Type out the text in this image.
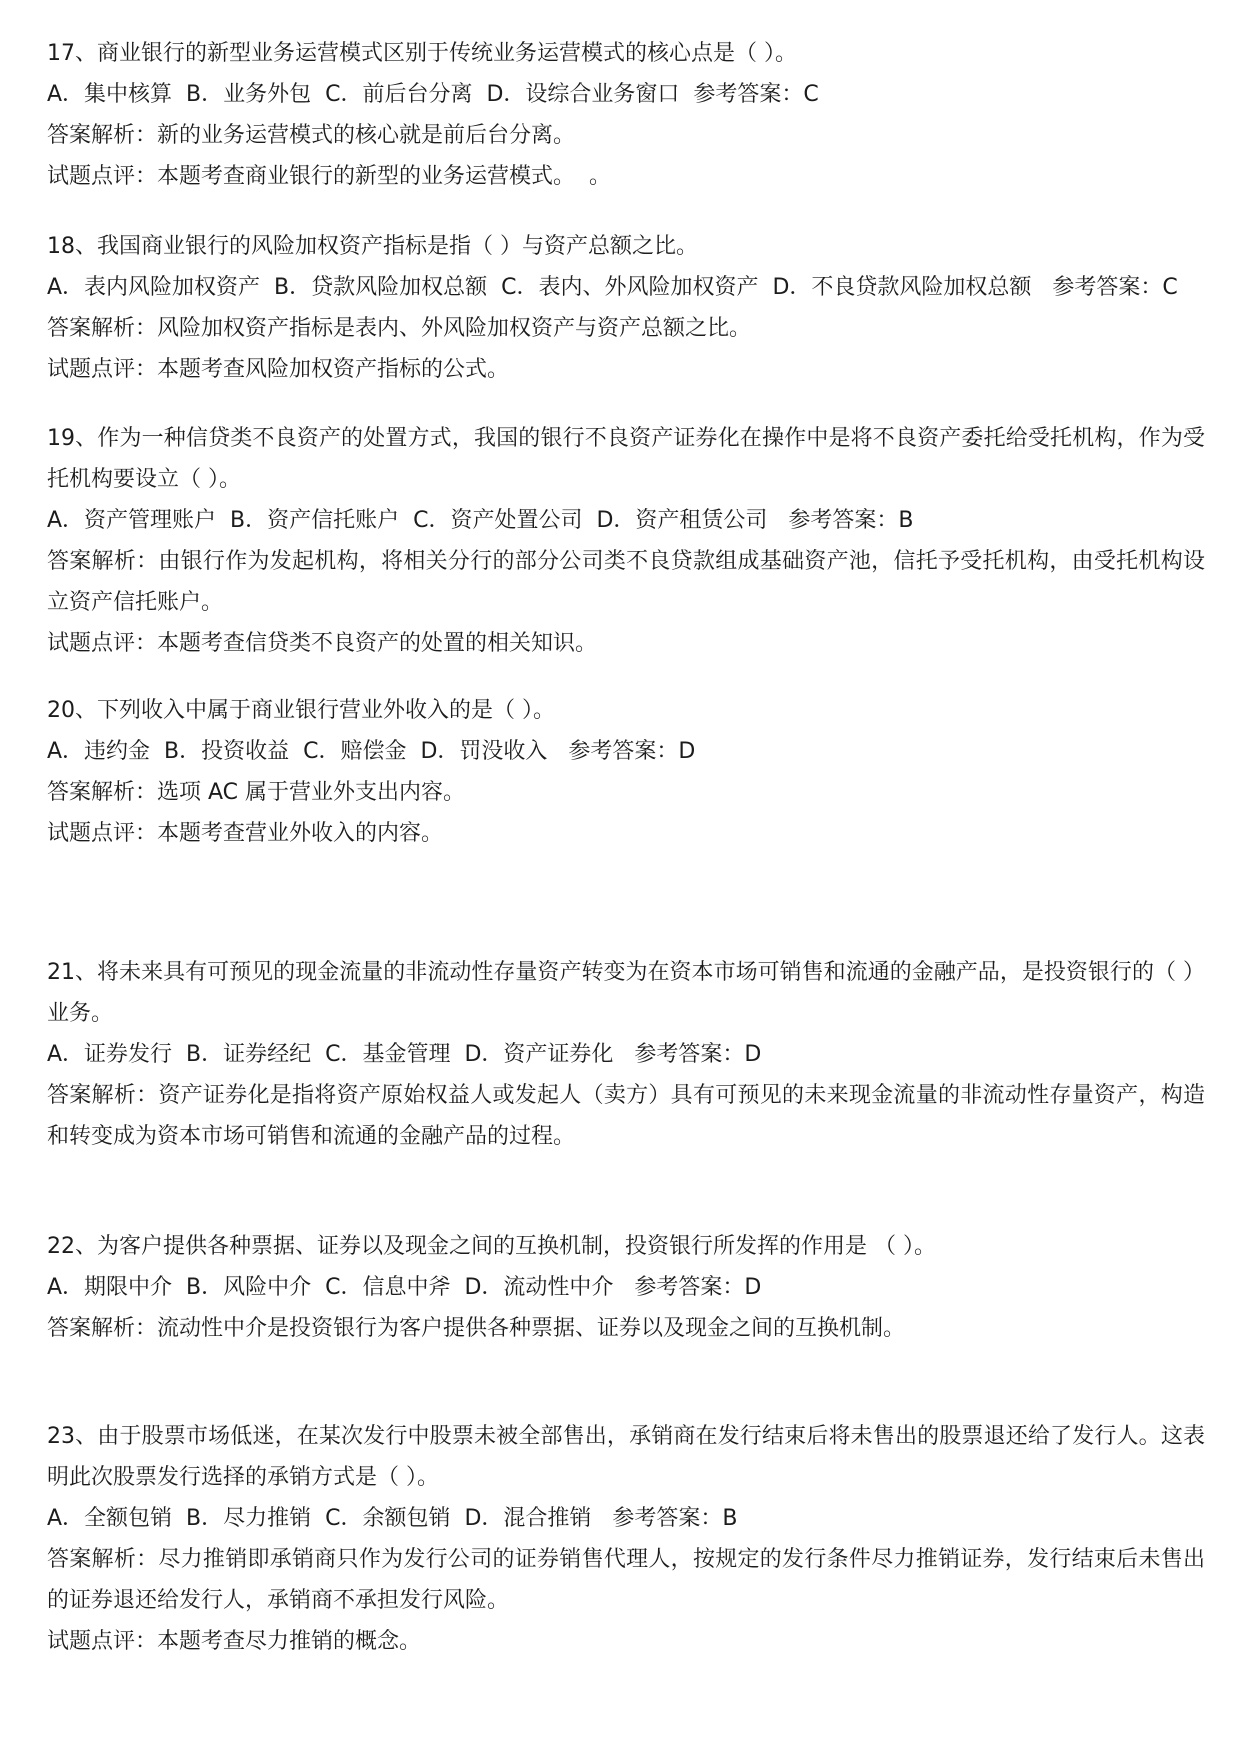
17、商业银行的新型业务运营模式区别于传统业务运营模式的核心点是（ ）。
A．集中核算  B．业务外包  C．前后台分离  D．设综合业务窗口  参考答案：C
答案解析：新的业务运营模式的核心就是前后台分离。
试题点评：本题考查商业银行的新型的业务运营模式。  。
18、我国商业银行的风险加权资产指标是指（ ）与资产总额之比。
A．表内风险加权资产  B．贷款风险加权总额  C．表内、外风险加权资产  D．不良贷款风险加权总额   参考答案：C
答案解析：风险加权资产指标是表内、外风险加权资产与资产总额之比。
试题点评：本题考查风险加权资产指标的公式。
19、作为一种信贷类不良资产的处置方式，我国的银行不良资产证券化在操作中是将不良资产委托给受托机构，作为受托机构要设立（ ）。
A．资产管理账户  B．资产信托账户  C．资产处置公司  D．资产租赁公司   参考答案：B
答案解析：由银行作为发起机构，将相关分行的部分公司类不良贷款组成基础资产池，信托予受托机构，由受托机构设立资产信托账户。
试题点评：本题考查信贷类不良资产的处置的相关知识。
20、下列收入中属于商业银行营业外收入的是（ ）。
A．违约金  B．投资收益  C．赔偿金  D．罚没收入   参考答案：D
答案解析：选项 AC 属于营业外支出内容。
试题点评：本题考查营业外收入的内容。
21、将未来具有可预见的现金流量的非流动性存量资产转变为在资本市场可销售和流通的金融产品，是投资银行的（ ）业务。
A．证券发行  B．证券经纪  C．基金管理  D．资产证券化   参考答案：D
答案解析：资产证券化是指将资产原始权益人或发起人（卖方）具有可预见的未来现金流量的非流动性存量资产，构造和转变成为资本市场可销售和流通的金融产品的过程。
22、为客户提供各种票据、证券以及现金之间的互换机制，投资银行所发挥的作用是 （ ）。
A．期限中介  B．风险中介  C．信息中斧  D．流动性中介   参考答案：D
答案解析：流动性中介是投资银行为客户提供各种票据、证券以及现金之间的互换机制。
23、由于股票市场低迷，在某次发行中股票未被全部售出，承销商在发行结束后将未售出的股票退还给了发行人。这表明此次股票发行选择的承销方式是（ ）。
A．全额包销  B．尽力推销  C．余额包销  D．混合推销   参考答案：B
答案解析：尽力推销即承销商只作为发行公司的证券销售代理人，按规定的发行条件尽力推销证券，发行结束后未售出的证券退还给发行人，承销商不承担发行风险。
试题点评：本题考查尽力推销的概念。
